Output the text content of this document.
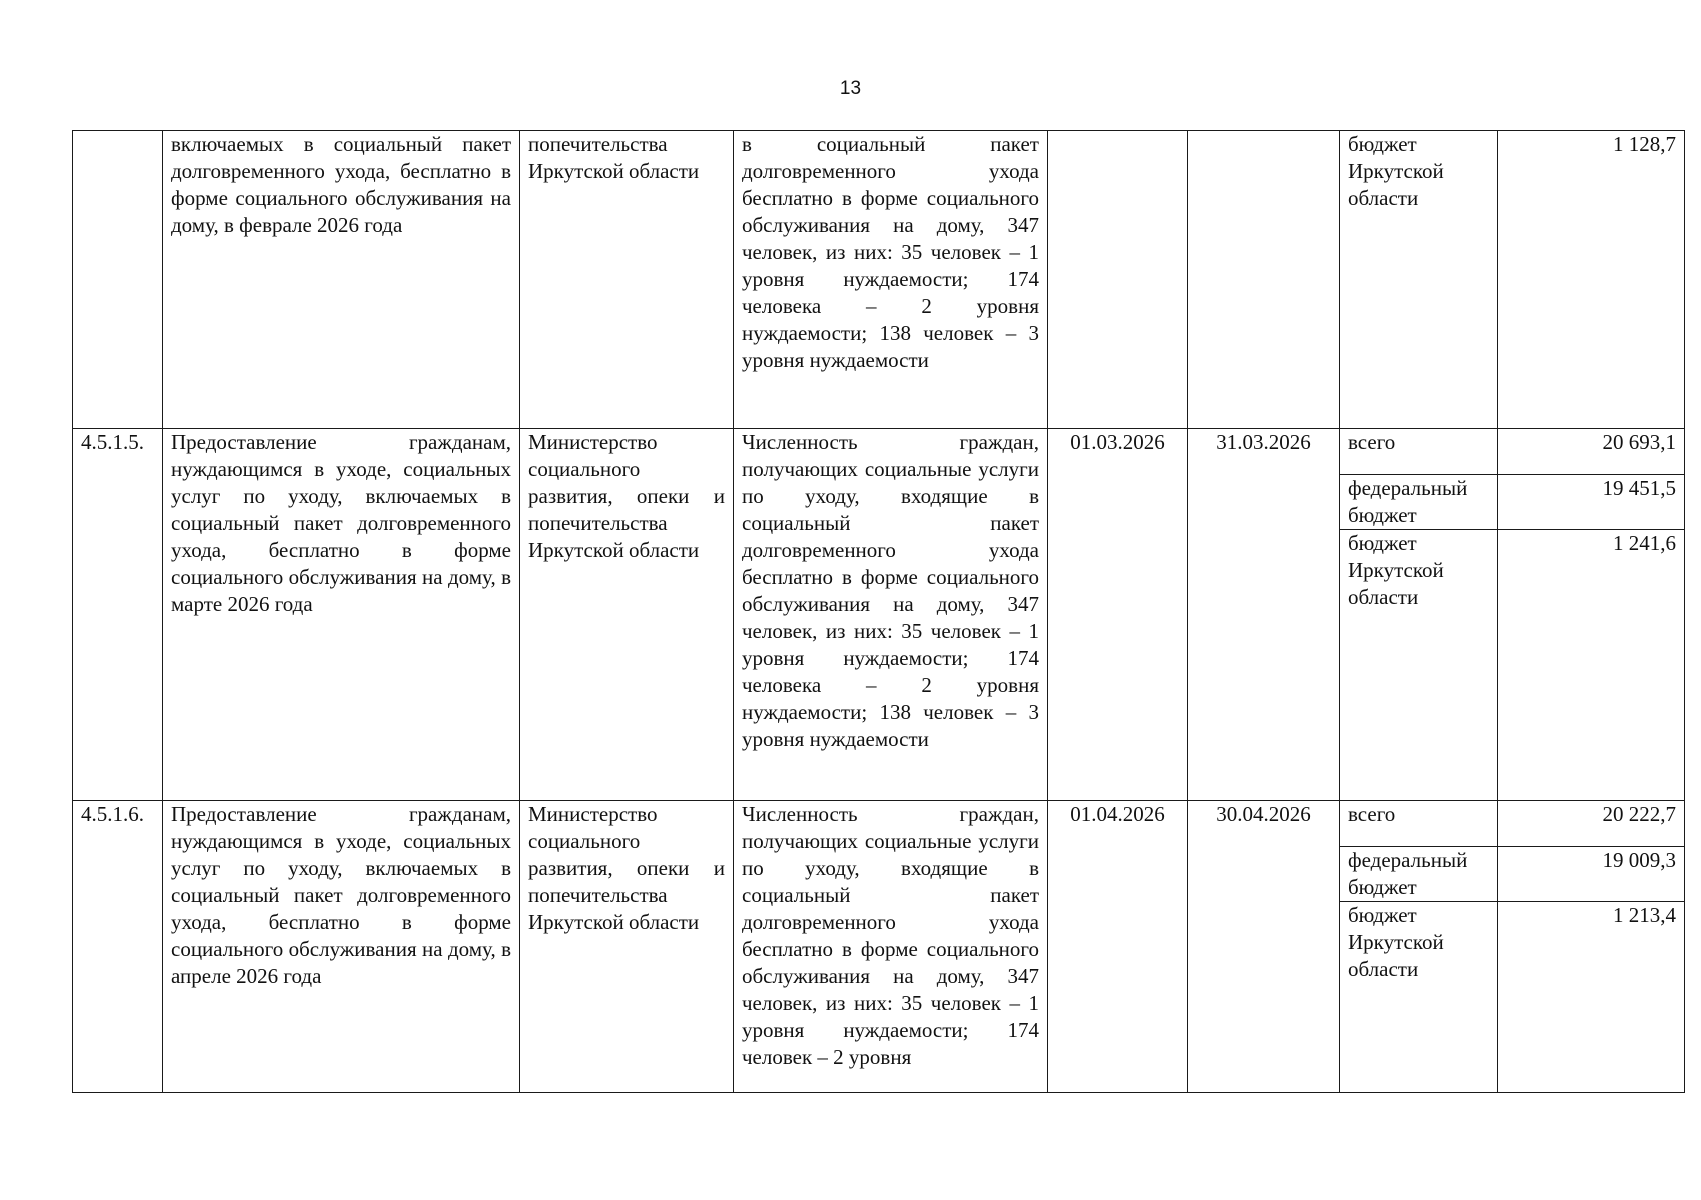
13
	включаемых в социальный пакет долговременного ухода, бесплатно в форме социального обслуживания на дому, в феврале 2026 года	попечительства Иркутской области	в социальный пакет долговременного ухода бесплатно в форме социального обслуживания на дому, 347 человек, из них: 35 человек – 1 уровня нуждаемости; 174 человека – 2 уровня нуждаемости; 138 человек – 3 уровня нуждаемости			бюджет Иркутской области	1 128,7
4.5.1.5.	Предоставление гражданам, нуждающимся в уходе, социальных услуг по уходу, включаемых в социальный пакет долговременного ухода, бесплатно в форме социального обслуживания на дому, в марте 2026 года	Министерство социального развития, опеки и попечительства Иркутской области	Численность граждан, получающих социальные услуги по уходу, входящие в социальный пакет долговременного ухода бесплатно в форме социального обслуживания на дому, 347 человек, из них: 35 человек – 1 уровня нуждаемости; 174 человека – 2 уровня нуждаемости; 138 человек – 3 уровня нуждаемости	01.03.2026	31.03.2026	всего	20 693,1
						федеральный бюджет	19 451,5
						бюджет Иркутской области	1 241,6
4.5.1.6.	Предоставление гражданам, нуждающимся в уходе, социальных услуг по уходу, включаемых в социальный пакет долговременного ухода, бесплатно в форме социального обслуживания на дому, в апреле 2026 года	Министерство социального развития, опеки и попечительства Иркутской области	Численность граждан, получающих социальные услуги по уходу, входящие в социальный пакет долговременного ухода бесплатно в форме социального обслуживания на дому, 347 человек, из них: 35 человек – 1 уровня нуждаемости; 174 человек – 2 уровня	01.04.2026	30.04.2026	всего	20 222,7
						федеральный бюджет	19 009,3
						бюджет Иркутской области	1 213,4
